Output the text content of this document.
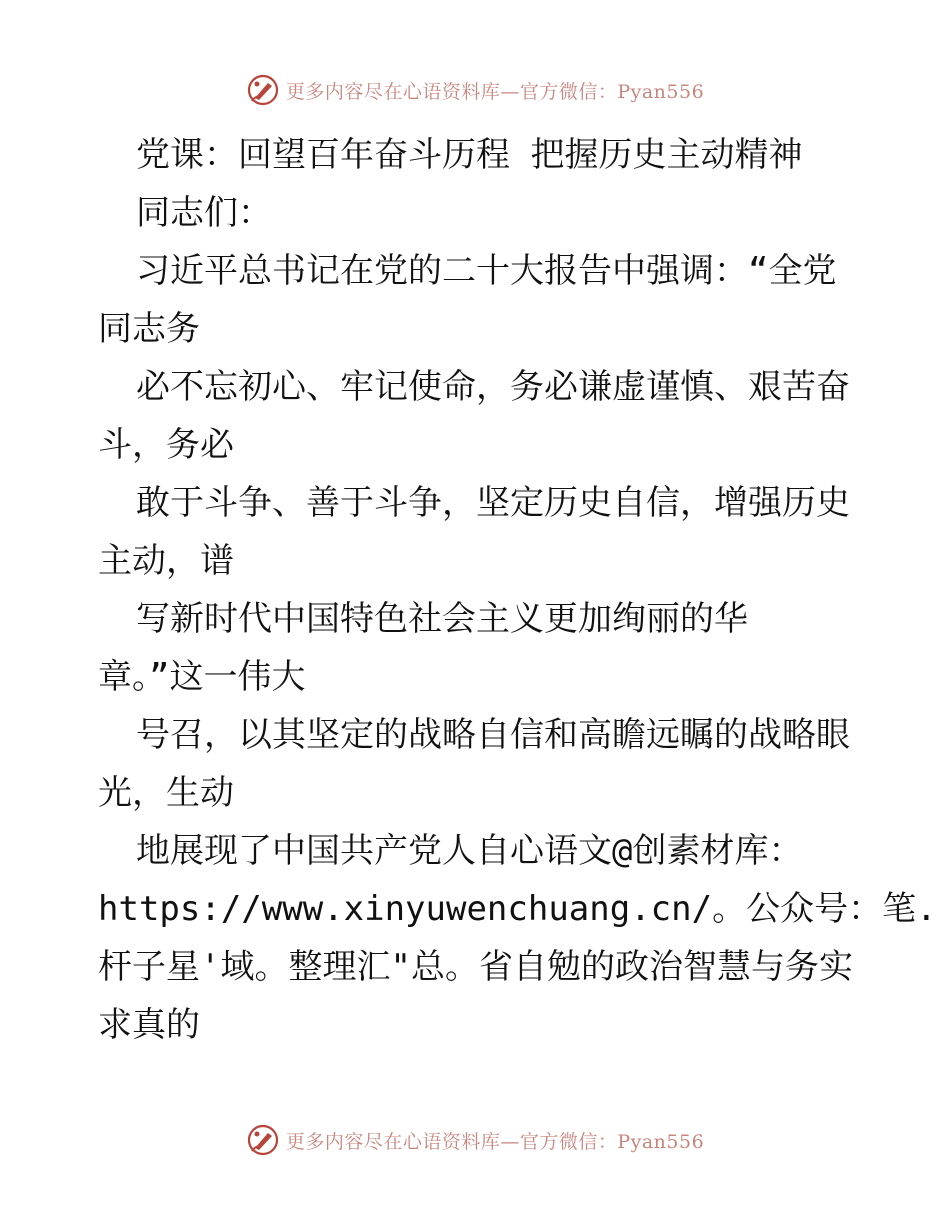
更多内容尽在心语资料库—官方微信：Pyan556
党课：回望百年奋斗历程 把握历史主动精神
同志们：
习近平总书记在党的二十大报告中强调：“全党
同志务
必不忘初心、牢记使命，务必谦虚谨慎、艰苦奋
斗，务必
敢于斗争、善于斗争，坚定历史自信，增强历史
主动，谱
写新时代中国特色社会主义更加绚丽的华
章。”这一伟大
号召，以其坚定的战略自信和高瞻远瞩的战略眼
光，生动
地展现了中国共产党人自心语文@创素材库：
https://www.xinyuwenchuang.cn/。公众号：笔.
杆子星'域。整理汇"总。省自勉的政治智慧与务实
求真的
更多内容尽在心语资料库—官方微信：Pyan556
